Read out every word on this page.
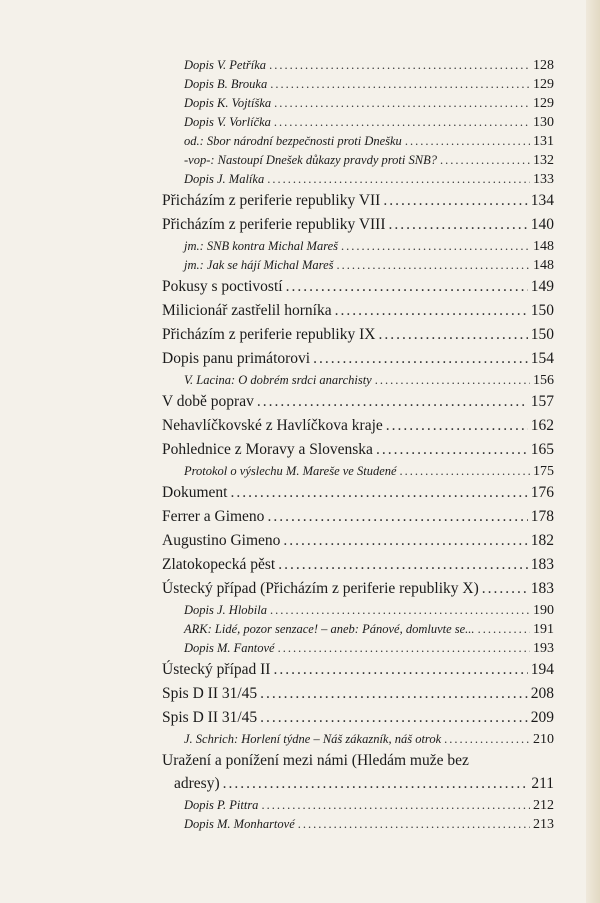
Dopis V. Petříka .....	128
Dopis B. Brouka .....	129
Dopis K. Vojtíška .....	129
Dopis V. Vorlíčka .....	130
od.: Sbor národní bezpečnosti proti Dnešku .....	131
-vop-: Nastoupí Dnešek důkazy pravdy proti SNB? .....	132
Dopis J. Malíka .....	133
Přicházím z periferie republiky VII .....	134
Přicházím z periferie republiky VIII .....	140
jm.: SNB kontra Michal Mareš .....	148
jm.: Jak se hájí Michal Mareš .....	148
Pokusy s poctivostí .....	149
Milicionář zastřelil horníka .....	150
Přicházím z periferie republiky IX .....	150
Dopis panu primátorovi .....	154
V. Lacina: O dobrém srdci anarchisty .....	156
V době poprav .....	157
Nehavlíčkovské z Havlíčkova kraje .....	162
Pohlednice z Moravy a Slovenska .....	165
Protokol o výslechu M. Mareše ve Studené .....	175
Dokument .....	176
Ferrer a Gimeno .....	178
Augustino Gimeno .....	182
Zlatokopecká pěst .....	183
Ústecký případ (Přicházím z periferie republiky X) .....	183
Dopis J. Hlobila .....	190
ARK: Lidé, pozor senzace! – aneb: Pánové, domluvte se... .....	191
Dopis M. Fantové .....	193
Ústecký případ II .....	194
Spis D II 31/45 .....	208
Spis D II 31/45 .....	209
J. Schrich: Horlení týdne – Náš zákazník, náš otrok .....	210
Uražení a ponížení mezi námi (Hledám muže bez
adresy) .....	211
Dopis P. Pittra .....	212
Dopis M. Monhartové .....	213
